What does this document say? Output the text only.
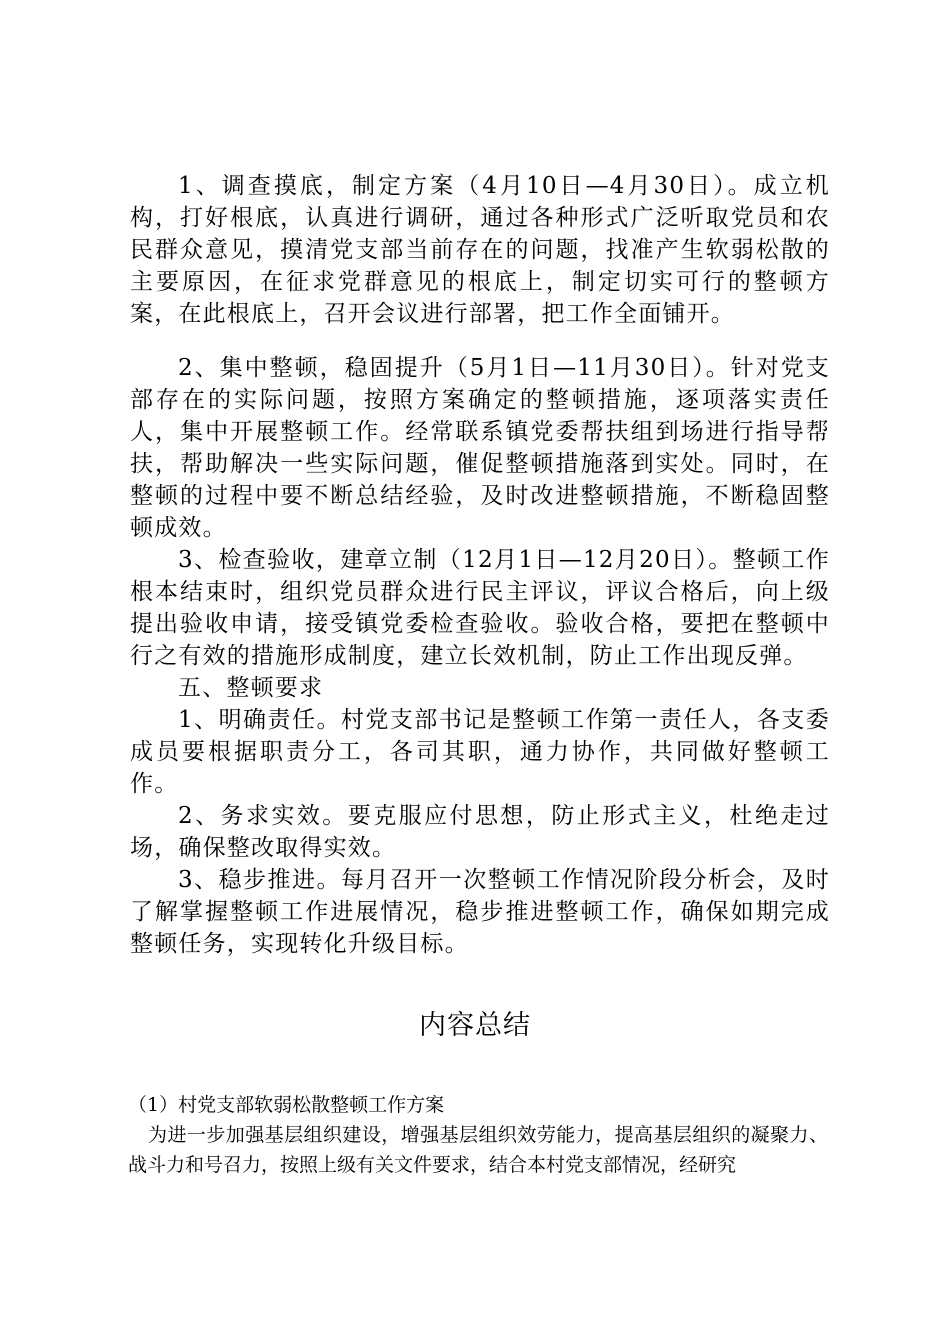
1、调查摸底，制定方案（4月10日—4月30日）。成立机构，打好根底，认真进行调研，通过各种形式广泛听取党员和农民群众意见，摸清党支部当前存在的问题，找准产生软弱松散的主要原因，在征求党群意见的根底上，制定切实可行的整顿方案，在此根底上，召开会议进行部署，把工作全面铺开。

2、集中整顿，稳固提升（5月1日—11月30日）。针对党支部存在的实际问题，按照方案确定的整顿措施，逐项落实责任人，集中开展整顿工作。经常联系镇党委帮扶组到场进行指导帮扶，帮助解决一些实际问题，催促整顿措施落到实处。同时，在整顿的过程中要不断总结经验，及时改进整顿措施，不断稳固整顿成效。

3、检查验收，建章立制（12月1日—12月20日）。整顿工作根本结束时，组织党员群众进行民主评议，评议合格后，向上级提出验收申请，接受镇党委检查验收。验收合格，要把在整顿中行之有效的措施形成制度，建立长效机制，防止工作出现反弹。

五、整顿要求

1、明确责任。村党支部书记是整顿工作第一责任人，各支委成员要根据职责分工，各司其职，通力协作，共同做好整顿工作。

2、务求实效。要克服应付思想，防止形式主义，杜绝走过场，确保整改取得实效。

3、稳步推进。每月召开一次整顿工作情况阶段分析会，及时了解掌握整顿工作进展情况，稳步推进整顿工作，确保如期完成整顿任务，实现转化升级目标。

内容总结

（1）村党支部软弱松散整顿工作方案

为进一步加强基层组织建设，增强基层组织效劳能力，提高基层组织的凝聚力、战斗力和号召力，按照上级有关文件要求，结合本村党支部情况，经研究
